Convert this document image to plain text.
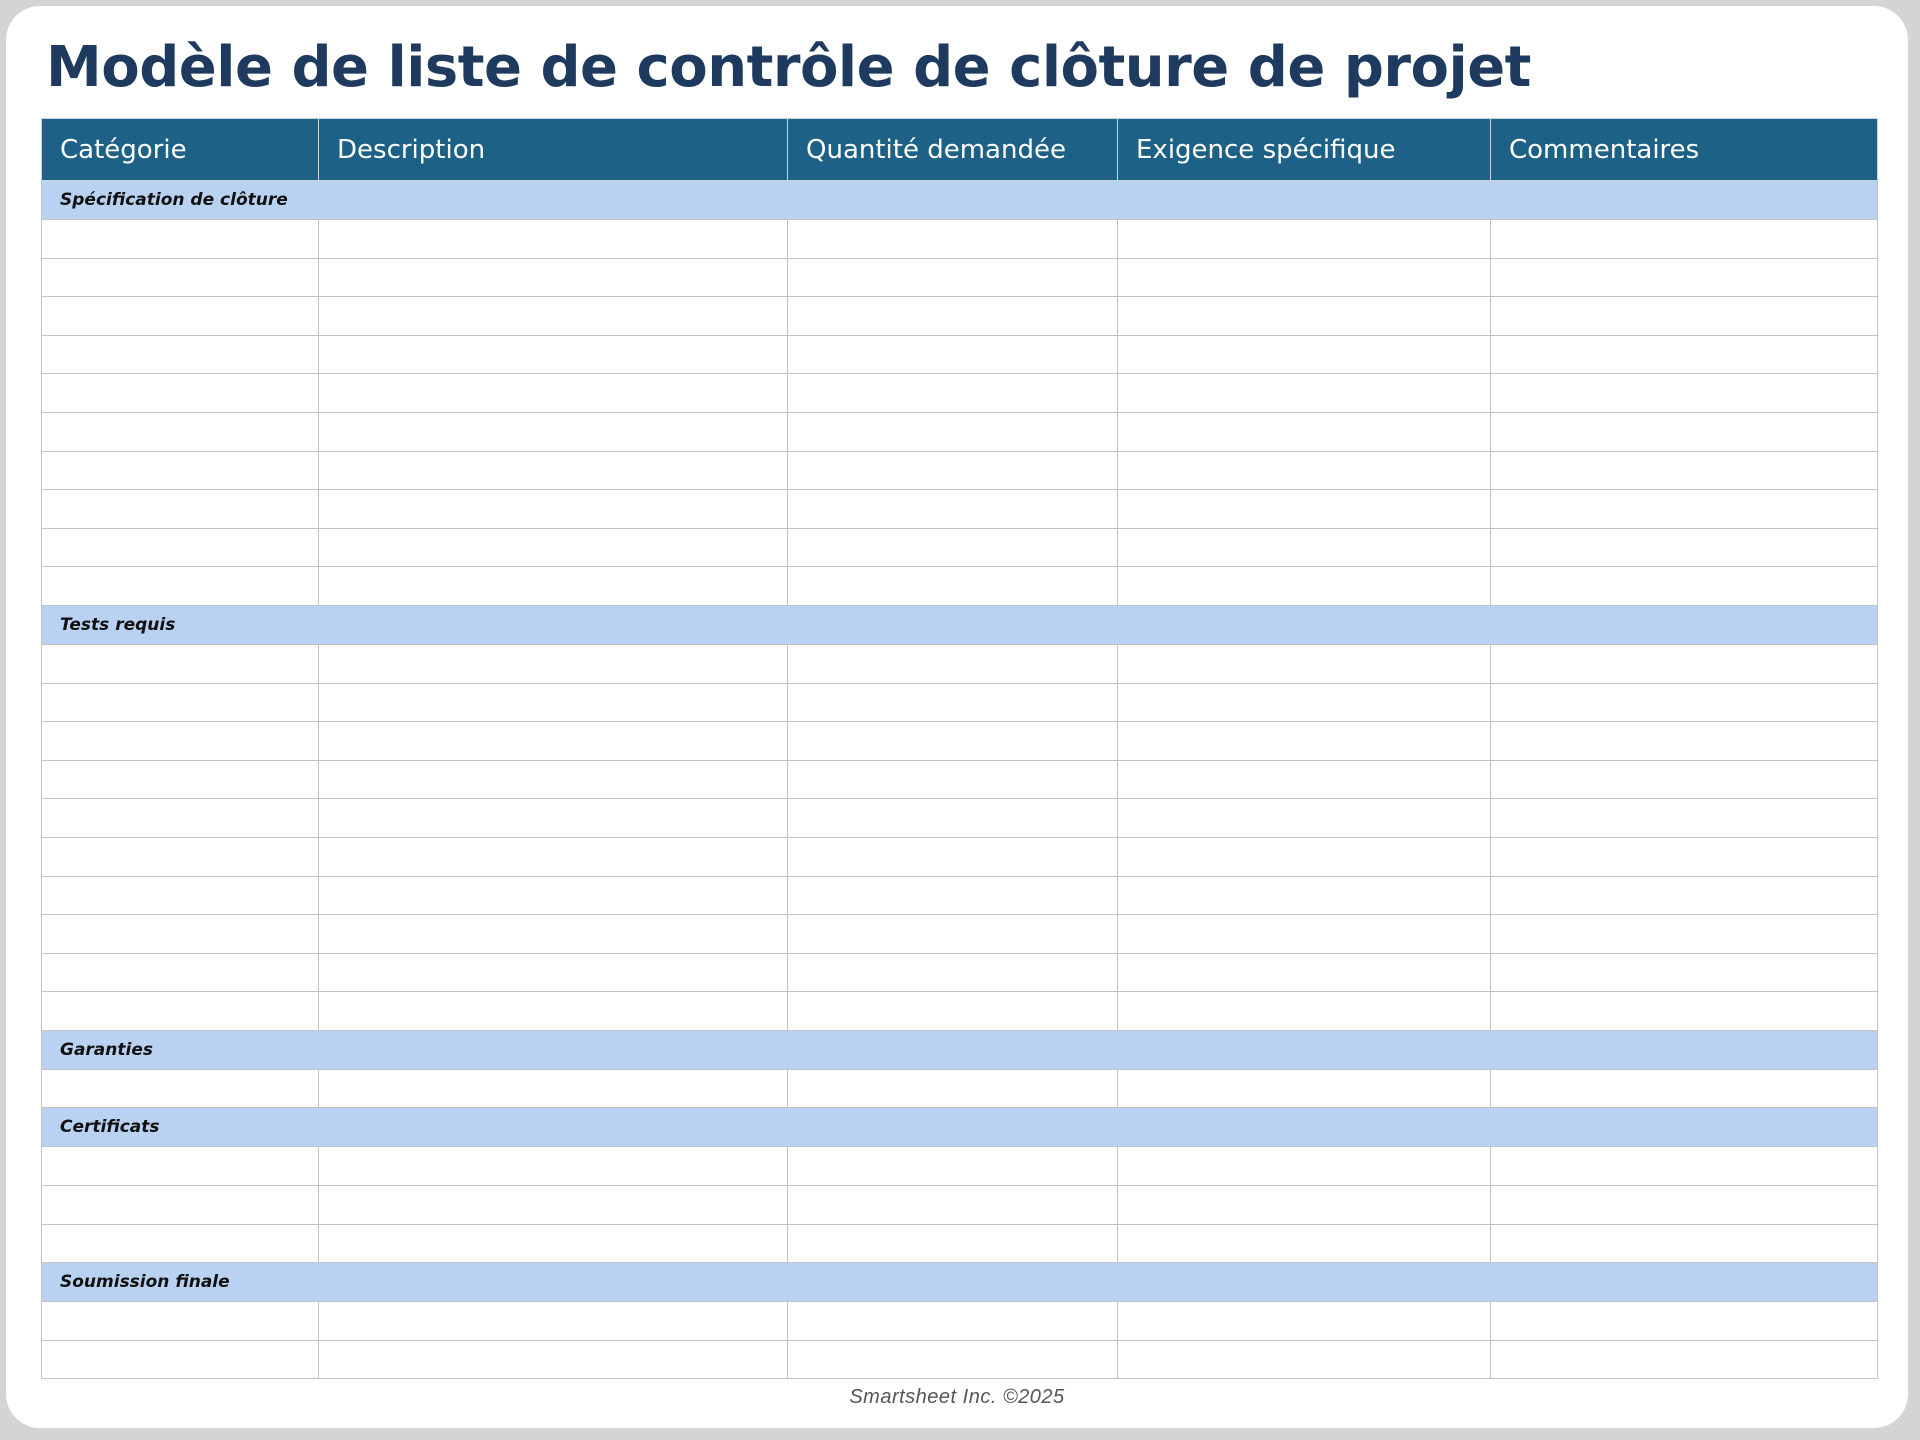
Modèle de liste de contrôle de clôture de projet
Catégorie	Description	Quantité demandée	Exigence spécifique	Commentaires
Spécification de clôture				

Tests requis				

Garanties				

Certificats				

Soumission finale				

Smartsheet Inc. ©2025
